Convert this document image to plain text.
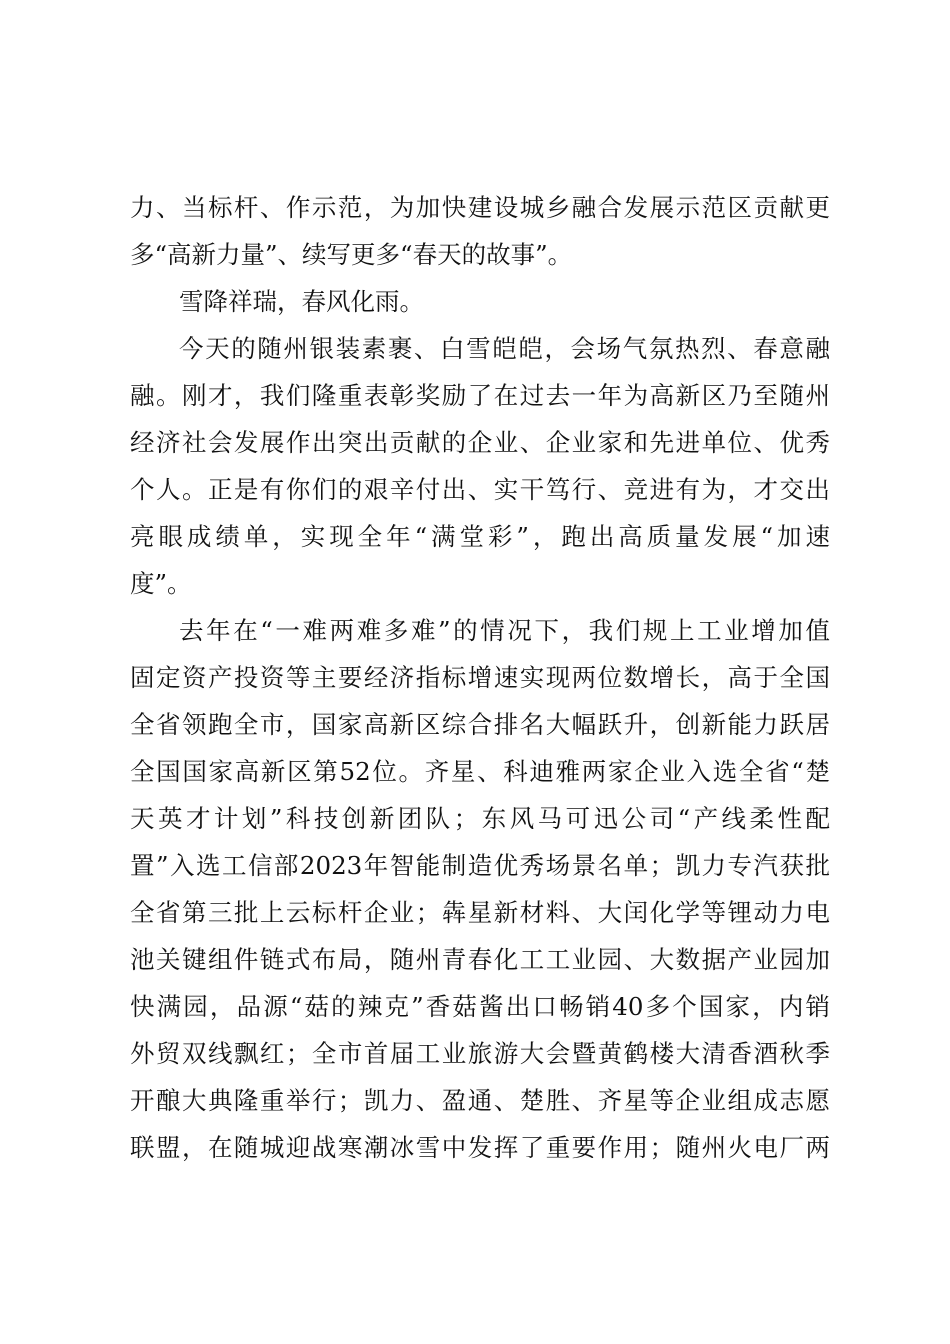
力、当标杆、作示范，为加快建设城乡融合发展示范区贡献更
多“高新力量”、续写更多“春天的故事”。
雪降祥瑞，春风化雨。
今天的随州银装素裹、白雪皑皑，会场气氛热烈、春意融
融。刚才，我们隆重表彰奖励了在过去一年为高新区乃至随州
经济社会发展作出突出贡献的企业、企业家和先进单位、优秀
个人。正是有你们的艰辛付出、实干笃行、竞进有为，才交出
亮眼成绩单，实现全年“满堂彩”，跑出高质量发展“加速
度”。
去年在“一难两难多难”的情况下，我们规上工业增加值
固定资产投资等主要经济指标增速实现两位数增长，高于全国
全省领跑全市，国家高新区综合排名大幅跃升，创新能力跃居
全国国家高新区第52位。齐星、科迪雅两家企业入选全省“楚
天英才计划”科技创新团队；东风马可迅公司“产线柔性配
置”入选工信部2023年智能制造优秀场景名单；凯力专汽获批
全省第三批上云标杆企业；犇星新材料、大闰化学等锂动力电
池关键组件链式布局，随州青春化工工业园、大数据产业园加
快满园，品源“菇的辣克”香菇酱出口畅销40多个国家，内销
外贸双线飘红；全市首届工业旅游大会暨黄鹤楼大清香酒秋季
开酿大典隆重举行；凯力、盈通、楚胜、齐星等企业组成志愿
联盟，在随城迎战寒潮冰雪中发挥了重要作用；随州火电厂两
